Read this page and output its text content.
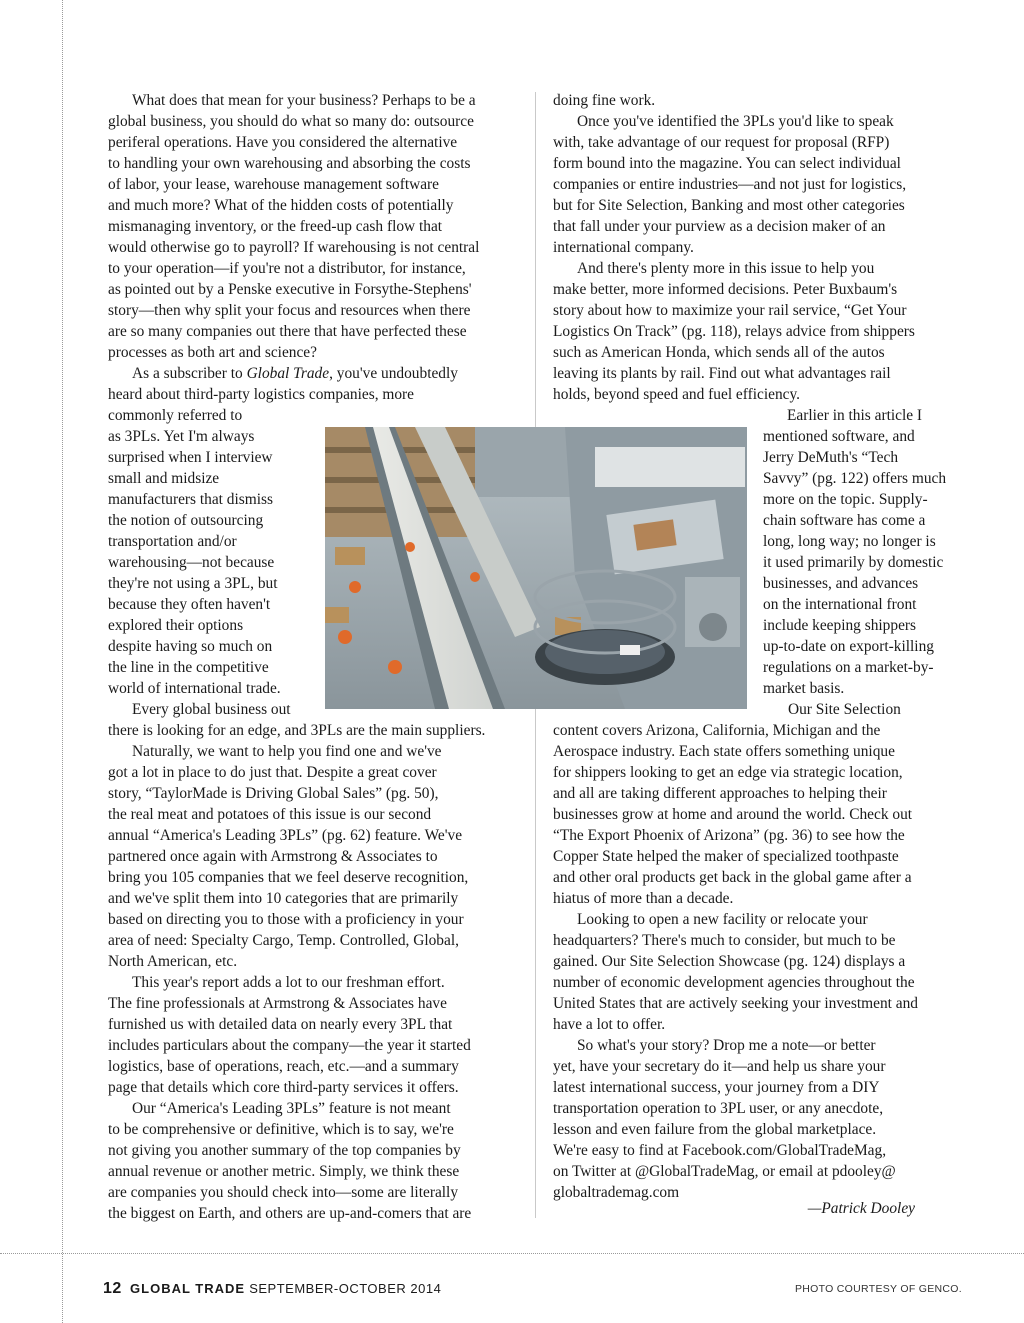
What does that mean for your business? Perhaps to be a
global business, you should do what so many do: outsource
periferal operations. Have you considered the alternative
to handling your own warehousing and absorbing the costs
of labor, your lease, warehouse management software
and much more? What of the hidden costs of potentially
mismanaging inventory, or the freed-up cash flow that
would otherwise go to payroll? If warehousing is not central
to your operation—if you're not a distributor, for instance,
as pointed out by a Penske executive in Forsythe-Stephens'
story—then why split your focus and resources when there
are so many companies out there that have perfected these
processes as both art and science?
As a subscriber to Global Trade, you've undoubtedly
heard about third-party logistics companies, more
commonly referred to
as 3PLs. Yet I'm always
surprised when I interview
small and midsize
manufacturers that dismiss
the notion of outsourcing
transportation and/or
warehousing—not because
they're not using a 3PL, but
because they often haven't
explored their options
despite having so much on
the line in the competitive
world of international trade.
Every global business out
there is looking for an edge, and 3PLs are the main suppliers.
Naturally, we want to help you find one and we've
got a lot in place to do just that. Despite a great cover
story, “TaylorMade is Driving Global Sales” (pg. 50),
the real meat and potatoes of this issue is our second
annual “America's Leading 3PLs” (pg. 62) feature. We've
partnered once again with Armstrong & Associates to
bring you 105 companies that we feel deserve recognition,
and we've split them into 10 categories that are primarily
based on directing you to those with a proficiency in your
area of need: Specialty Cargo, Temp. Controlled, Global,
North American, etc.
This year's report adds a lot to our freshman effort.
The fine professionals at Armstrong & Associates have
furnished us with detailed data on nearly every 3PL that
includes particulars about the company—the year it started
logistics, base of operations, reach, etc.—and a summary
page that details which core third-party services it offers.
Our “America's Leading 3PLs” feature is not meant
to be comprehensive or definitive, which is to say, we're
not giving you another summary of the top companies by
annual revenue or another metric. Simply, we think these
are companies you should check into—some are literally
the biggest on Earth, and others are up-and-comers that are
doing fine work.
Once you've identified the 3PLs you'd like to speak
with, take advantage of our request for proposal (RFP)
form bound into the magazine. You can select individual
companies or entire industries—and not just for logistics,
but for Site Selection, Banking and most other categories
that fall under your purview as a decision maker of an
international company.
And there's plenty more in this issue to help you
make better, more informed decisions. Peter Buxbaum's
story about how to maximize your rail service, “Get Your
Logistics On Track” (pg. 118), relays advice from shippers
such as American Honda, which sends all of the autos
leaving its plants by rail. Find out what advantages rail
holds, beyond speed and fuel efficiency.
Earlier in this article I
mentioned software, and
Jerry DeMuth's “Tech
Savvy” (pg. 122) offers much
more on the topic. Supply-
chain software has come a
long, long way; no longer is
it used primarily by domestic
businesses, and advances
on the international front
include keeping shippers
up-to-date on export-killing
regulations on a market-by-
market basis.
Our Site Selection
content covers Arizona, California, Michigan and the
Aerospace industry. Each state offers something unique
for shippers looking to get an edge via strategic location,
and all are taking different approaches to helping their
businesses grow at home and around the world. Check out
“The Export Phoenix of Arizona” (pg. 36) to see how the
Copper State helped the maker of specialized toothpaste
and other oral products get back in the global game after a
hiatus of more than a decade.
Looking to open a new facility or relocate your
headquarters? There's much to consider, but much to be
gained. Our Site Selection Showcase (pg. 124) displays a
number of economic development agencies throughout the
United States that are actively seeking your investment and
have a lot to offer.
So what's your story? Drop me a note—or better
yet, have your secretary do it—and help us share your
latest international success, your journey from a DIY
transportation operation to 3PL user, or any anecdote,
lesson and even failure from the global marketplace.
We're easy to find at Facebook.com/GlobalTradeMag,
on Twitter at @GlobalTradeMag, or email at pdooley@
globaltrademag.com
—Patrick Dooley
12 GLOBAL TRADE SEPTEMBER-OCTOBER 2014	PHOTO COURTESY OF GENCO.
